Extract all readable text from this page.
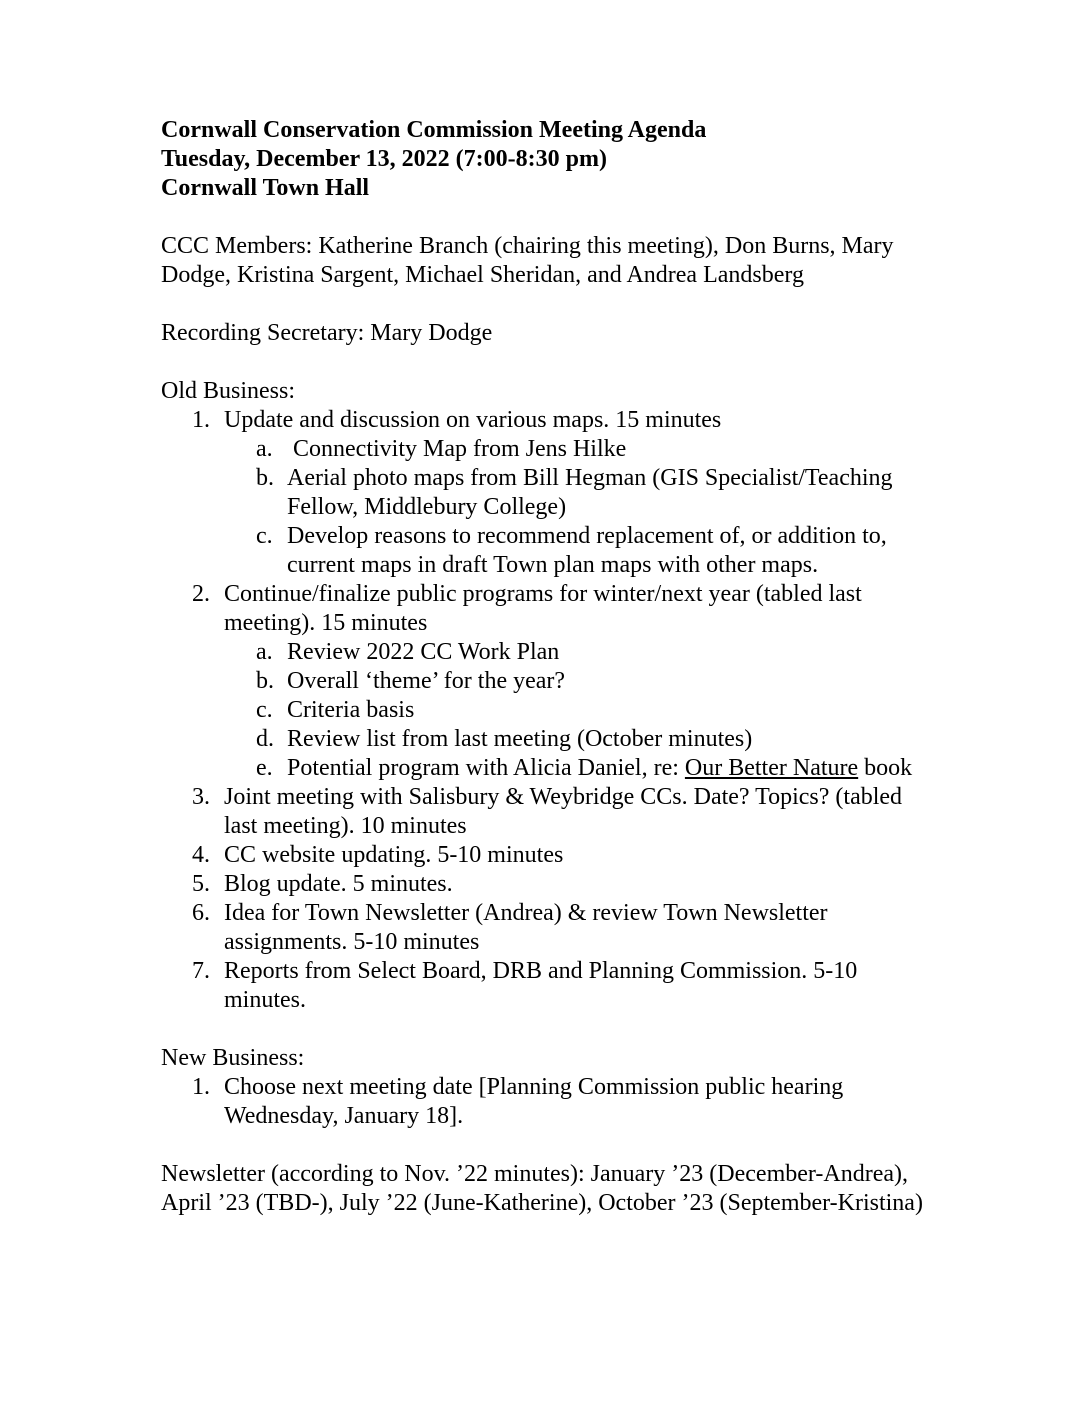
Cornwall Conservation Commission Meeting Agenda
Tuesday, December 13, 2022 (7:00-8:30 pm)
Cornwall Town Hall
CCC Members: Katherine Branch (chairing this meeting), Don Burns, Mary Dodge, Kristina Sargent, Michael Sheridan, and Andrea Landsberg
Recording Secretary: Mary Dodge
Old Business:
1. Update and discussion on various maps. 15 minutes
a. Connectivity Map from Jens Hilke
b. Aerial photo maps from Bill Hegman (GIS Specialist/Teaching Fellow, Middlebury College)
c. Develop reasons to recommend replacement of, or addition to, current maps in draft Town plan maps with other maps.
2. Continue/finalize public programs for winter/next year (tabled last meeting). 15 minutes
a. Review 2022 CC Work Plan
b. Overall ‘theme’ for the year?
c. Criteria basis
d. Review list from last meeting (October minutes)
e. Potential program with Alicia Daniel, re: Our Better Nature book
3. Joint meeting with Salisbury & Weybridge CCs. Date? Topics? (tabled last meeting). 10 minutes
4. CC website updating. 5-10 minutes
5. Blog update. 5 minutes.
6. Idea for Town Newsletter (Andrea) & review Town Newsletter assignments. 5-10 minutes
7. Reports from Select Board, DRB and Planning Commission. 5-10 minutes.
New Business:
1. Choose next meeting date [Planning Commission public hearing Wednesday, January 18].
Newsletter (according to Nov. ’22 minutes): January ’23 (December-Andrea), April ’23 (TBD-), July ’22 (June-Katherine), October ’23 (September-Kristina)
